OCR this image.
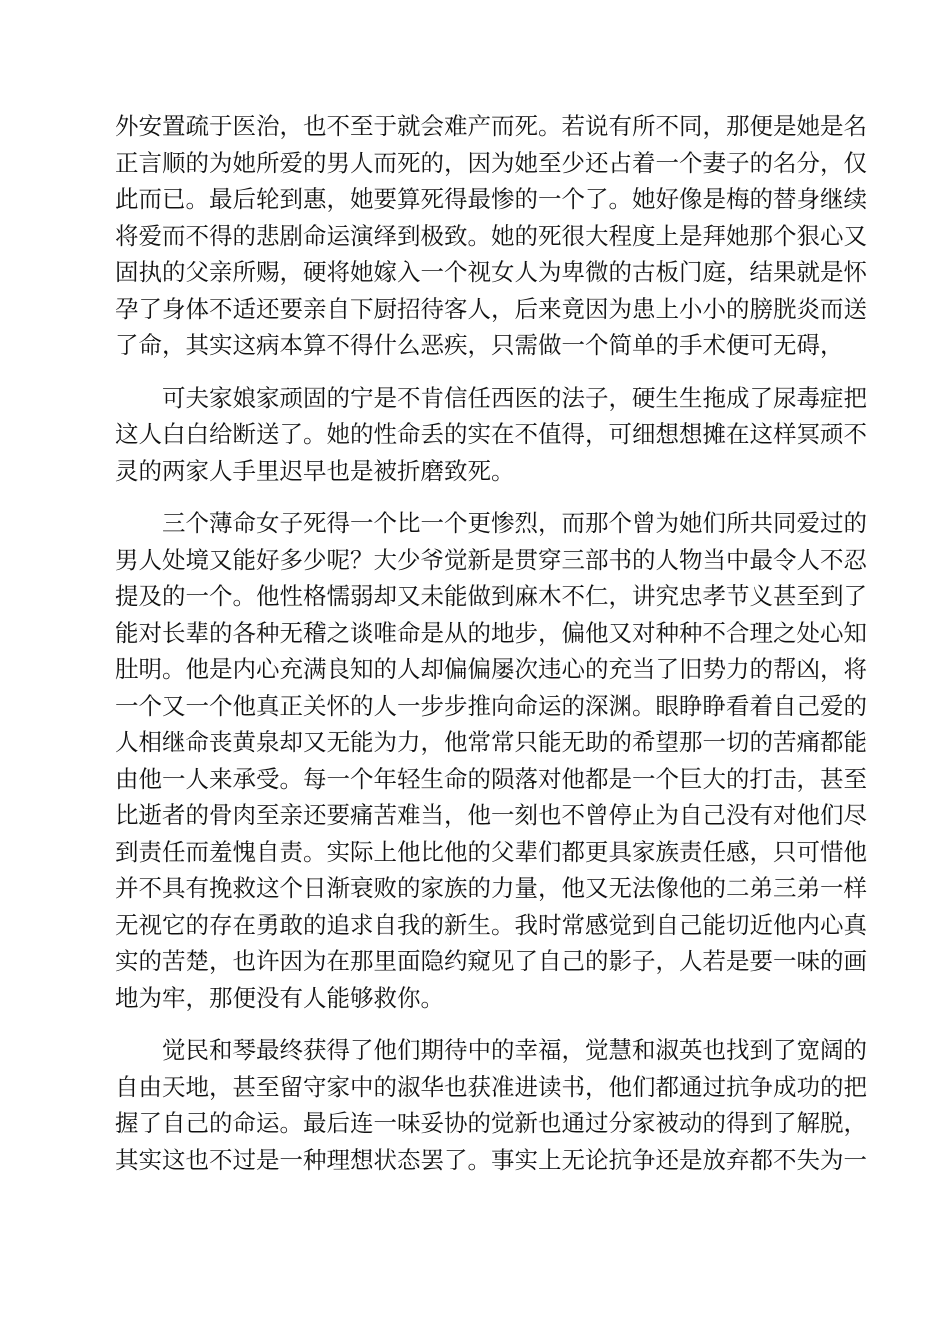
外安置疏于医治，也不至于就会难产而死。若说有所不同，那便是她是名
正言顺的为她所爱的男人而死的，因为她至少还占着一个妻子的名分，仅
此而已。最后轮到惠，她要算死得最惨的一个了。她好像是梅的替身继续
将爱而不得的悲剧命运演绎到极致。她的死很大程度上是拜她那个狠心又
固执的父亲所赐，硬将她嫁入一个视女人为卑微的古板门庭，结果就是怀
孕了身体不适还要亲自下厨招待客人，后来竟因为患上小小的膀胱炎而送
了命，其实这病本算不得什么恶疾，只需做一个简单的手术便可无碍，
可夫家娘家顽固的宁是不肯信任西医的法子，硬生生拖成了尿毒症把
这人白白给断送了。她的性命丢的实在不值得，可细想想摊在这样冥顽不
灵的两家人手里迟早也是被折磨致死。
三个薄命女子死得一个比一个更惨烈，而那个曾为她们所共同爱过的
男人处境又能好多少呢？大少爷觉新是贯穿三部书的人物当中最令人不忍
提及的一个。他性格懦弱却又未能做到麻木不仁，讲究忠孝节义甚至到了
能对长辈的各种无稽之谈唯命是从的地步，偏他又对种种不合理之处心知
肚明。他是内心充满良知的人却偏偏屡次违心的充当了旧势力的帮凶，将
一个又一个他真正关怀的人一步步推向命运的深渊。眼睁睁看着自己爱的
人相继命丧黄泉却又无能为力，他常常只能无助的希望那一切的苦痛都能
由他一人来承受。每一个年轻生命的陨落对他都是一个巨大的打击，甚至
比逝者的骨肉至亲还要痛苦难当，他一刻也不曾停止为自己没有对他们尽
到责任而羞愧自责。实际上他比他的父辈们都更具家族责任感，只可惜他
并不具有挽救这个日渐衰败的家族的力量，他又无法像他的二弟三弟一样
无视它的存在勇敢的追求自我的新生。我时常感觉到自己能切近他内心真
实的苦楚，也许因为在那里面隐约窥见了自己的影子，人若是要一味的画
地为牢，那便没有人能够救你。
觉民和琴最终获得了他们期待中的幸福，觉慧和淑英也找到了宽阔的
自由天地，甚至留守家中的淑华也获准进读书，他们都通过抗争成功的把
握了自己的命运。最后连一味妥协的觉新也通过分家被动的得到了解脱，
其实这也不过是一种理想状态罢了。事实上无论抗争还是放弃都不失为一
